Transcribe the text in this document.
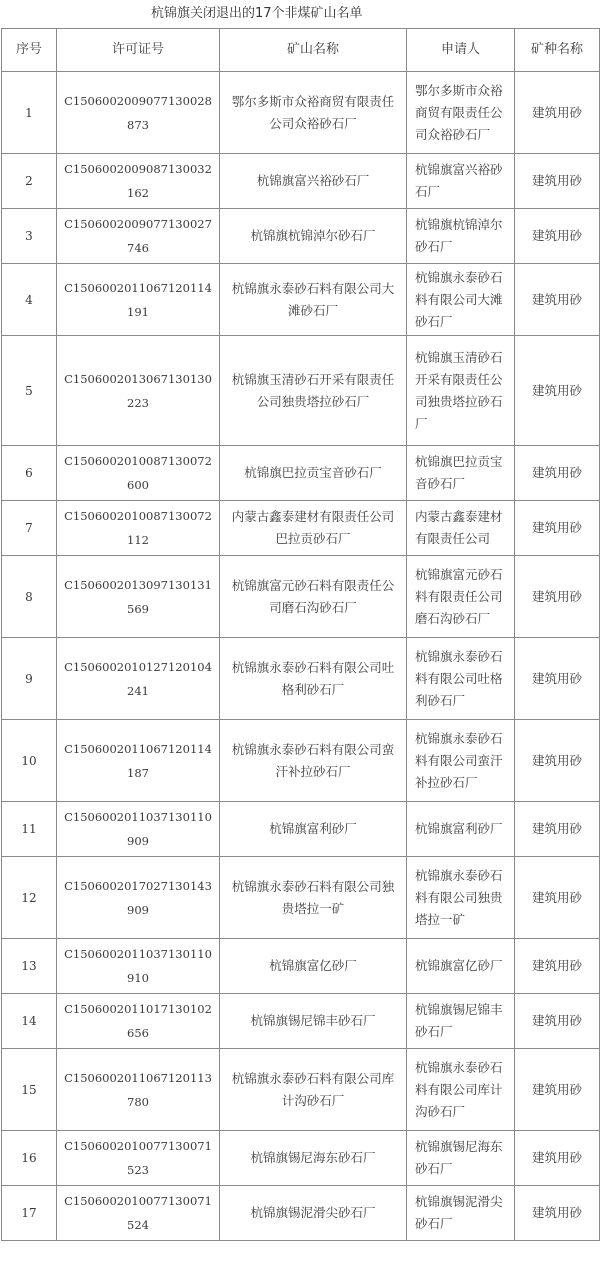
杭锦旗关闭退出的17个非煤矿山名单
序号	许可证号	矿山名称	申请人	矿种名称
1	C1506002009077130028873	鄂尔多斯市众裕商贸有限责任公司众裕砂石厂	鄂尔多斯市众裕商贸有限责任公司众裕砂石厂	建筑用砂
2	C1506002009087130032162	杭锦旗富兴裕砂石厂	杭锦旗富兴裕砂石厂	建筑用砂
3	C1506002009077130027746	杭锦旗杭锦淖尔砂石厂	杭锦旗杭锦淖尔砂石厂	建筑用砂
4	C1506002011067120114191	杭锦旗永泰砂石料有限公司大滩砂石厂	杭锦旗永泰砂石料有限公司大滩砂石厂	建筑用砂
5	C1506002013067130130223	杭锦旗玉清砂石开采有限责任公司独贵塔拉砂石厂	杭锦旗玉清砂石开采有限责任公司独贵塔拉砂石厂	建筑用砂
6	C1506002010087130072600	杭锦旗巴拉贡宝音砂石厂	杭锦旗巴拉贡宝音砂石厂	建筑用砂
7	C1506002010087130072112	内蒙古鑫泰建材有限责任公司巴拉贡砂石厂	内蒙古鑫泰建材有限责任公司	建筑用砂
8	C1506002013097130131569	杭锦旗富元砂石料有限责任公司磨石沟砂石厂	杭锦旗富元砂石料有限责任公司磨石沟砂石厂	建筑用砂
9	C1506002010127120104241	杭锦旗永泰砂石料有限公司吐格利砂石厂	杭锦旗永泰砂石料有限公司吐格利砂石厂	建筑用砂
10	C1506002011067120114187	杭锦旗永泰砂石料有限公司蛮汗补拉砂石厂	杭锦旗永泰砂石料有限公司蛮汗补拉砂石厂	建筑用砂
11	C1506002011037130110909	杭锦旗富利砂厂	杭锦旗富利砂厂	建筑用砂
12	C1506002017027130143909	杭锦旗永泰砂石料有限公司独贵塔拉一矿	杭锦旗永泰砂石料有限公司独贵塔拉一矿	建筑用砂
13	C1506002011037130110910	杭锦旗富亿砂厂	杭锦旗富亿砂厂	建筑用砂
14	C1506002011017130102656	杭锦旗锡尼锦丰砂石厂	杭锦旗锡尼锦丰砂石厂	建筑用砂
15	C1506002011067120113780	杭锦旗永泰砂石料有限公司库计沟砂石厂	杭锦旗永泰砂石料有限公司库计沟砂石厂	建筑用砂
16	C1506002010077130071523	杭锦旗锡尼海东砂石厂	杭锦旗锡尼海东砂石厂	建筑用砂
17	C1506002010077130071524	杭锦旗锡泥滑尖砂石厂	杭锦旗锡泥滑尖砂石厂	建筑用砂
